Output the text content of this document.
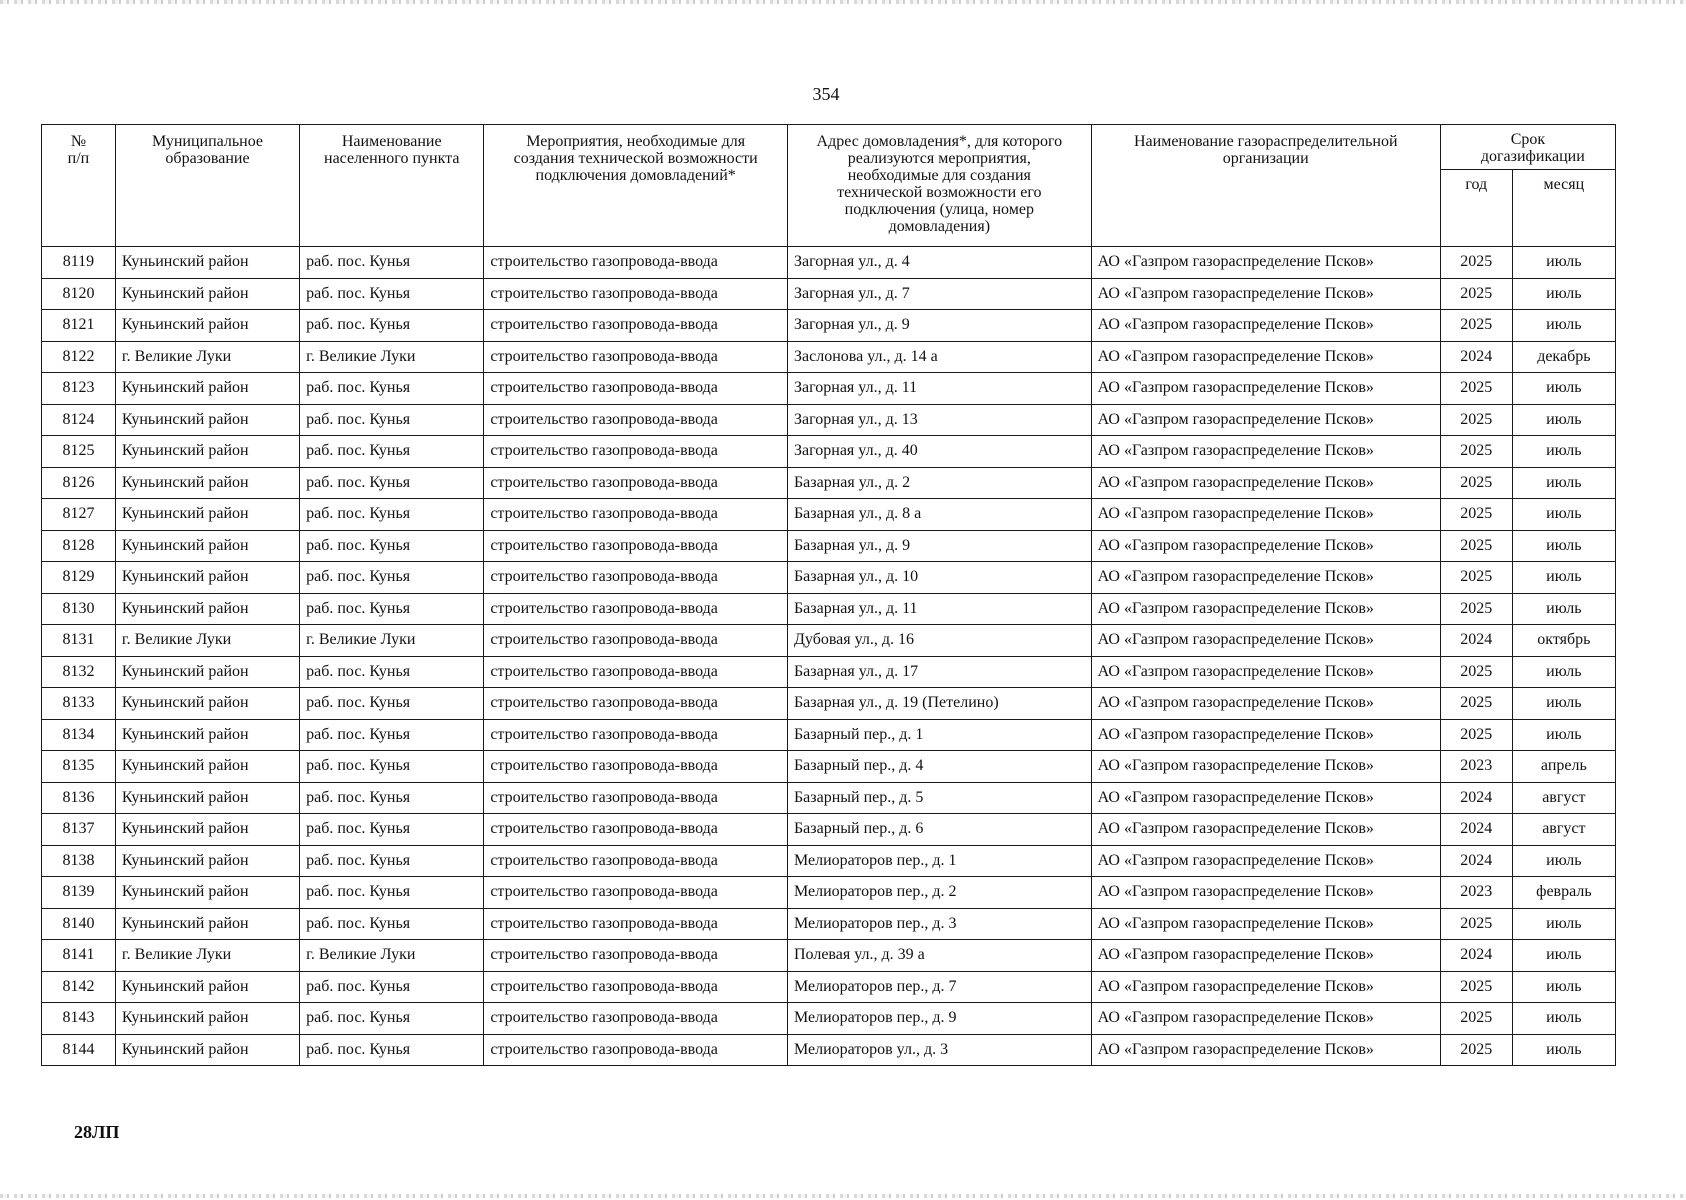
354
№
п/п	Муниципальное образование	Наименование населенного пункта	Мероприятия, необходимые для создания технической возможности подключения домовладений*	Адрес домовладения*, для которого реализуются мероприятия, необходимые для создания технической возможности его подключения (улица, номер домовладения)	Наименование газораспределительной организации	Срок догазификации	
						год	месяц
8119	Куньинский район	раб. пос. Кунья	строительство газопровода-ввода	Загорная ул., д. 4	АО «Газпром газораспределение Псков»	2025	июль
8120	Куньинский район	раб. пос. Кунья	строительство газопровода-ввода	Загорная ул., д. 7	АО «Газпром газораспределение Псков»	2025	июль
8121	Куньинский район	раб. пос. Кунья	строительство газопровода-ввода	Загорная ул., д. 9	АО «Газпром газораспределение Псков»	2025	июль
8122	г. Великие Луки	г. Великие Луки	строительство газопровода-ввода	Заслонова ул., д. 14 а	АО «Газпром газораспределение Псков»	2024	декабрь
8123	Куньинский район	раб. пос. Кунья	строительство газопровода-ввода	Загорная ул., д. 11	АО «Газпром газораспределение Псков»	2025	июль
8124	Куньинский район	раб. пос. Кунья	строительство газопровода-ввода	Загорная ул., д. 13	АО «Газпром газораспределение Псков»	2025	июль
8125	Куньинский район	раб. пос. Кунья	строительство газопровода-ввода	Загорная ул., д. 40	АО «Газпром газораспределение Псков»	2025	июль
8126	Куньинский район	раб. пос. Кунья	строительство газопровода-ввода	Базарная ул., д. 2	АО «Газпром газораспределение Псков»	2025	июль
8127	Куньинский район	раб. пос. Кунья	строительство газопровода-ввода	Базарная ул., д. 8 а	АО «Газпром газораспределение Псков»	2025	июль
8128	Куньинский район	раб. пос. Кунья	строительство газопровода-ввода	Базарная ул., д. 9	АО «Газпром газораспределение Псков»	2025	июль
8129	Куньинский район	раб. пос. Кунья	строительство газопровода-ввода	Базарная ул., д. 10	АО «Газпром газораспределение Псков»	2025	июль
8130	Куньинский район	раб. пос. Кунья	строительство газопровода-ввода	Базарная ул., д. 11	АО «Газпром газораспределение Псков»	2025	июль
8131	г. Великие Луки	г. Великие Луки	строительство газопровода-ввода	Дубовая ул., д. 16	АО «Газпром газораспределение Псков»	2024	октябрь
8132	Куньинский район	раб. пос. Кунья	строительство газопровода-ввода	Базарная ул., д. 17	АО «Газпром газораспределение Псков»	2025	июль
8133	Куньинский район	раб. пос. Кунья	строительство газопровода-ввода	Базарная ул., д. 19 (Петелино)	АО «Газпром газораспределение Псков»	2025	июль
8134	Куньинский район	раб. пос. Кунья	строительство газопровода-ввода	Базарный пер., д. 1	АО «Газпром газораспределение Псков»	2025	июль
8135	Куньинский район	раб. пос. Кунья	строительство газопровода-ввода	Базарный пер., д. 4	АО «Газпром газораспределение Псков»	2023	апрель
8136	Куньинский район	раб. пос. Кунья	строительство газопровода-ввода	Базарный пер., д. 5	АО «Газпром газораспределение Псков»	2024	август
8137	Куньинский район	раб. пос. Кунья	строительство газопровода-ввода	Базарный пер., д. 6	АО «Газпром газораспределение Псков»	2024	август
8138	Куньинский район	раб. пос. Кунья	строительство газопровода-ввода	Мелиораторов пер., д. 1	АО «Газпром газораспределение Псков»	2024	июль
8139	Куньинский район	раб. пос. Кунья	строительство газопровода-ввода	Мелиораторов пер., д. 2	АО «Газпром газораспределение Псков»	2023	февраль
8140	Куньинский район	раб. пос. Кунья	строительство газопровода-ввода	Мелиораторов пер., д. 3	АО «Газпром газораспределение Псков»	2025	июль
8141	г. Великие Луки	г. Великие Луки	строительство газопровода-ввода	Полевая ул., д. 39 а	АО «Газпром газораспределение Псков»	2024	июль
8142	Куньинский район	раб. пос. Кунья	строительство газопровода-ввода	Мелиораторов пер., д. 7	АО «Газпром газораспределение Псков»	2025	июль
8143	Куньинский район	раб. пос. Кунья	строительство газопровода-ввода	Мелиораторов пер., д. 9	АО «Газпром газораспределение Псков»	2025	июль
8144	Куньинский район	раб. пос. Кунья	строительство газопровода-ввода	Мелиораторов ул., д. 3	АО «Газпром газораспределение Псков»	2025	июль
28ЛП
